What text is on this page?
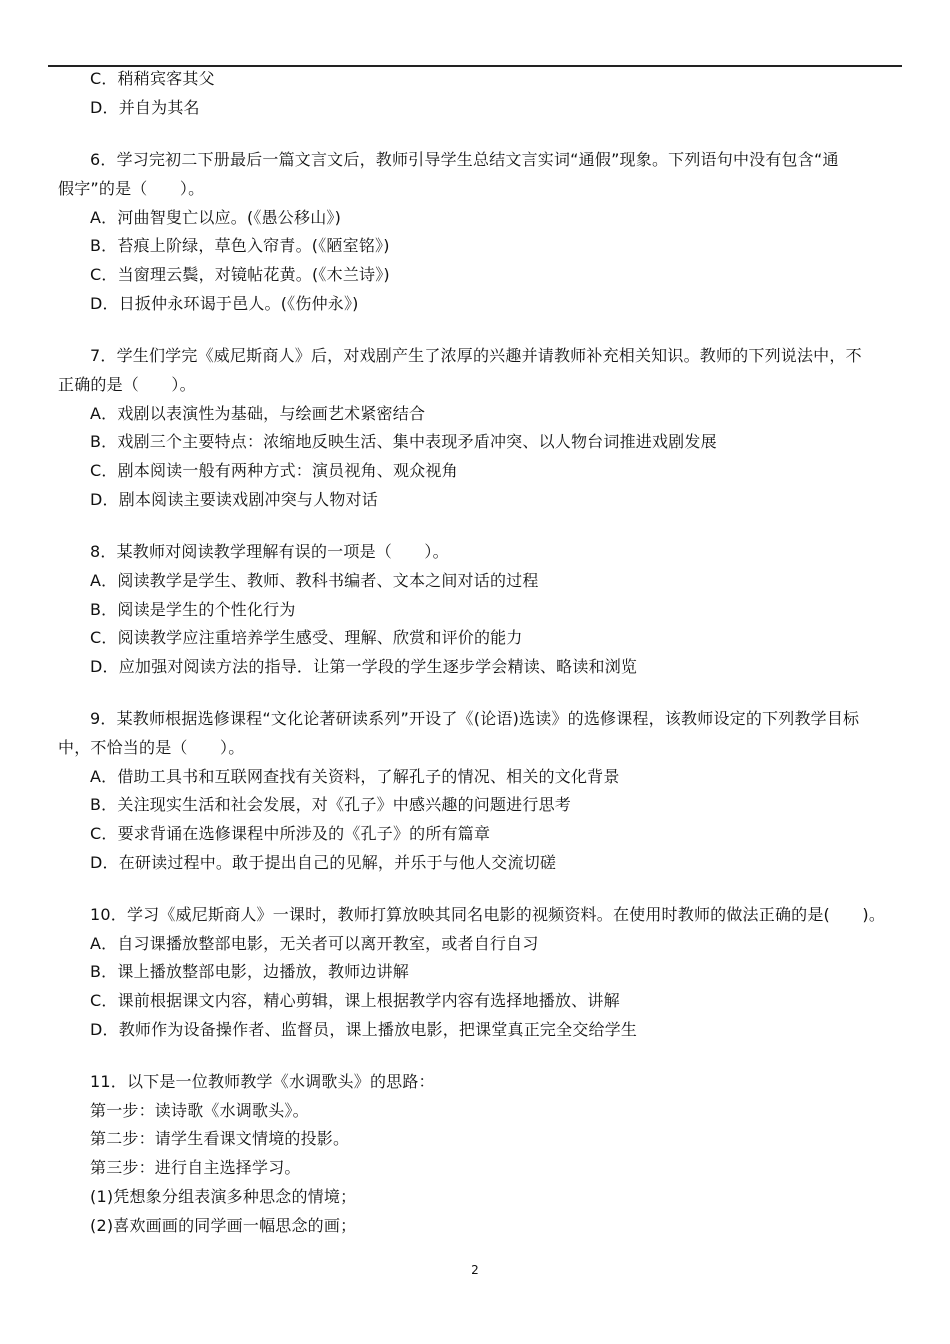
C．稍稍宾客其父
D．并自为其名
6．学习完初二下册最后一篇文言文后，教师引导学生总结文言实词“通假”现象。下列语句中没有包含“通
假字”的是（　　）。
A．河曲智叟亡以应。(《愚公移山》)
B．苔痕上阶绿，草色入帘青。(《陋室铭》)
C．当窗理云鬓，对镜帖花黄。(《木兰诗》)
D．日扳仲永环谒于邑人。(《伤仲永》)
7．学生们学完《威尼斯商人》后，对戏剧产生了浓厚的兴趣并请教师补充相关知识。教师的下列说法中，不
正确的是（　　）。
A．戏剧以表演性为基础，与绘画艺术紧密结合
B．戏剧三个主要特点：浓缩地反映生活、集中表现矛盾冲突、以人物台词推进戏剧发展
C．剧本阅读一般有两种方式：演员视角、观众视角
D．剧本阅读主要读戏剧冲突与人物对话
8．某教师对阅读教学理解有误的一项是（　　）。
A．阅读教学是学生、教师、教科书编者、文本之间对话的过程
B．阅读是学生的个性化行为
C．阅读教学应注重培养学生感受、理解、欣赏和评价的能力
D．应加强对阅读方法的指导．让第一学段的学生逐步学会精读、略读和浏览
9．某教师根据选修课程“文化论著研读系列”开设了《(论语)选读》的选修课程，该教师设定的下列教学目标
中，不恰当的是（　　）。
A．借助工具书和互联网查找有关资料，了解孔子的情况、相关的文化背景
B．关注现实生活和社会发展，对《孔子》中感兴趣的问题进行思考
C．要求背诵在选修课程中所涉及的《孔子》的所有篇章
D．在研读过程中。敢于提出自己的见解，并乐于与他人交流切磋
10．学习《威尼斯商人》一课时，教师打算放映其同名电影的视频资料。在使用时教师的做法正确的是(　　)。
A．自习课播放整部电影，无关者可以离开教室，或者自行自习
B．课上播放整部电影，边播放，教师边讲解
C．课前根据课文内容，精心剪辑，课上根据教学内容有选择地播放、讲解
D．教师作为设备操作者、监督员，课上播放电影，把课堂真正完全交给学生
11．以下是一位教师教学《水调歌头》的思路：
第一步：读诗歌《水调歌头》。
第二步：请学生看课文情境的投影。
第三步：进行自主选择学习。
(1)凭想象分组表演多种思念的情境；
(2)喜欢画画的同学画一幅思念的画；
2
